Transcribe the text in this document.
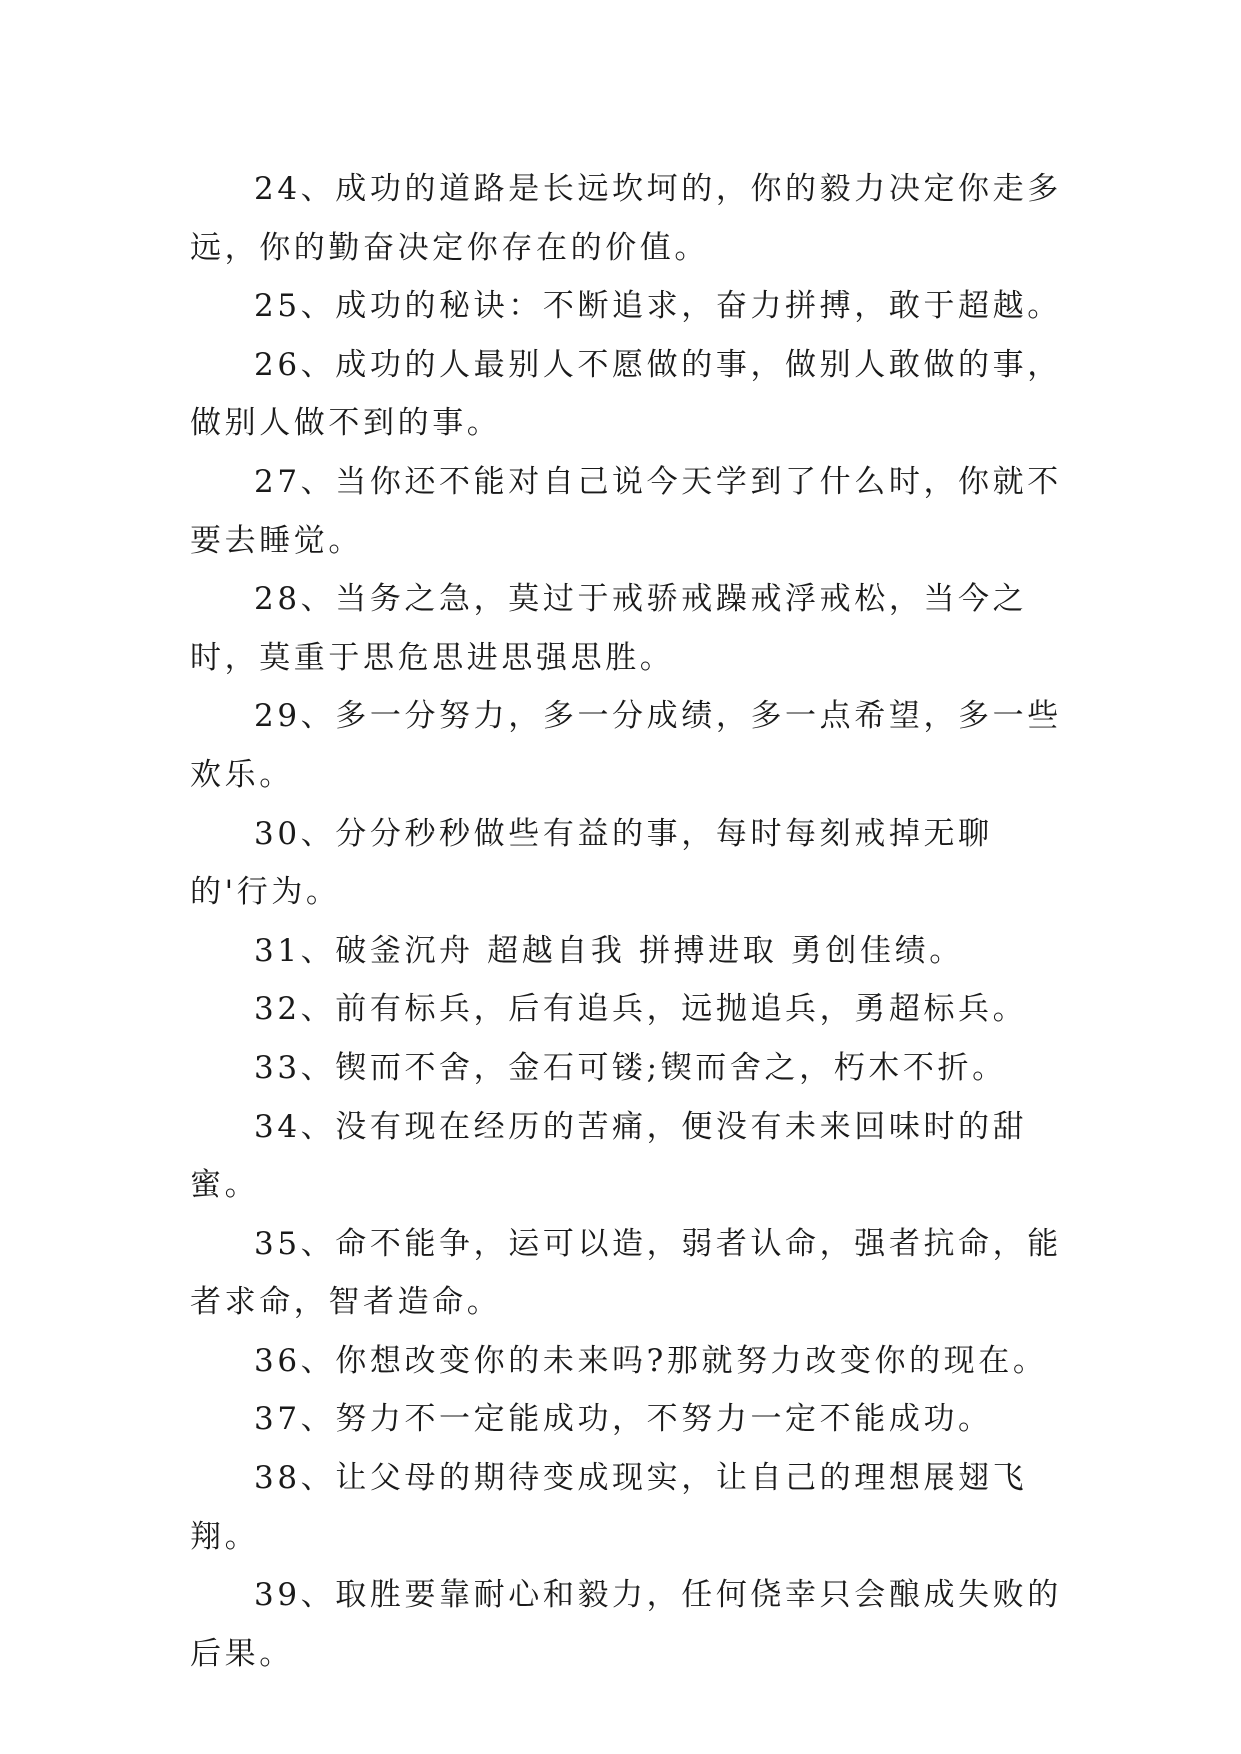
24、成功的道路是长远坎坷的，你的毅力决定你走多远，你的勤奋决定你存在的价值。

25、成功的秘诀：不断追求，奋力拼搏，敢于超越。

26、成功的人最别人不愿做的事，做别人敢做的事，做别人做不到的事。

27、当你还不能对自己说今天学到了什么时，你就不要去睡觉。

28、当务之急，莫过于戒骄戒躁戒浮戒松，当今之时，莫重于思危思进思强思胜。

29、多一分努力，多一分成绩，多一点希望，多一些欢乐。

30、分分秒秒做些有益的事，每时每刻戒掉无聊的'行为。

31、破釜沉舟 超越自我 拼搏进取 勇创佳绩。

32、前有标兵，后有追兵，远抛追兵，勇超标兵。

33、锲而不舍，金石可镂;锲而舍之，朽木不折。

34、没有现在经历的苦痛，便没有未来回味时的甜蜜。

35、命不能争，运可以造，弱者认命，强者抗命，能者求命，智者造命。

36、你想改变你的未来吗?那就努力改变你的现在。

37、努力不一定能成功，不努力一定不能成功。

38、让父母的期待变成现实，让自己的理想展翅飞翔。

39、取胜要靠耐心和毅力，任何侥幸只会酿成失败的后果。
